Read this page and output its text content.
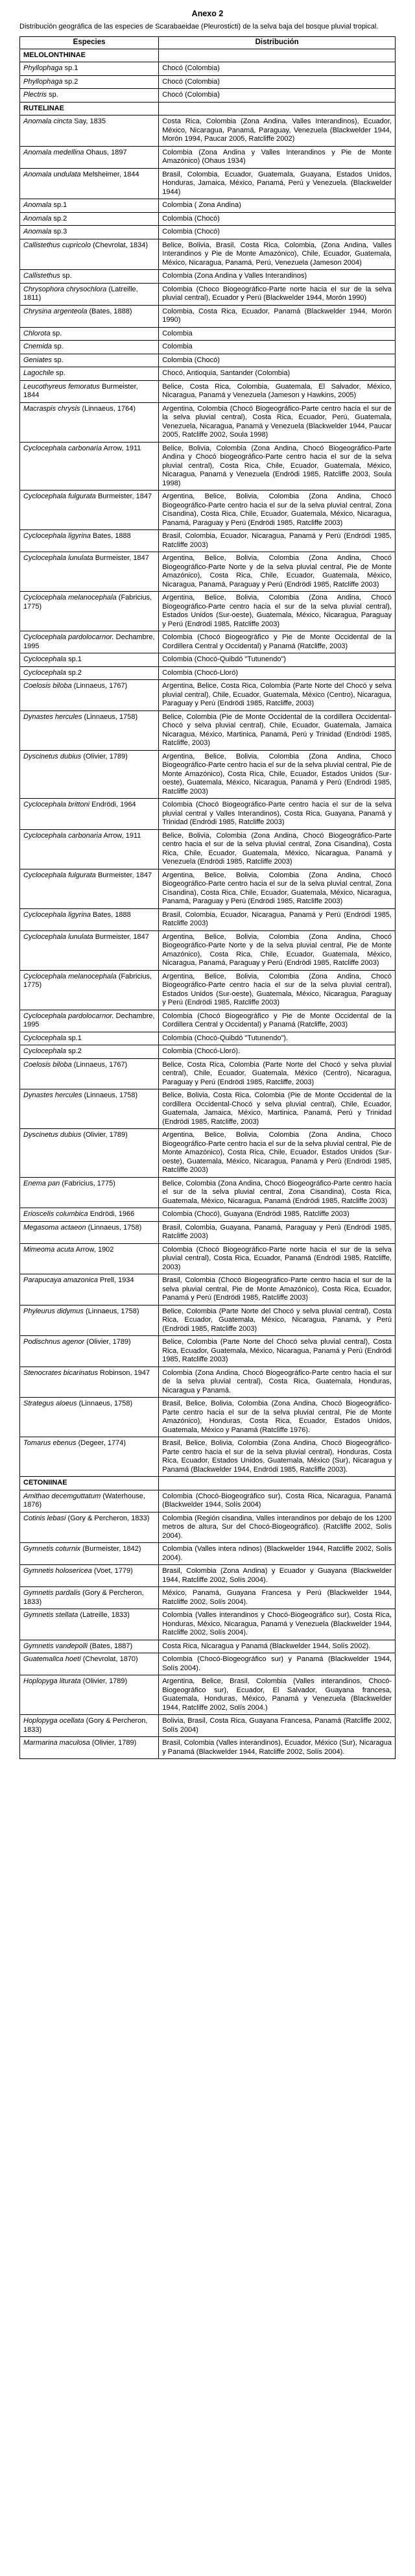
Anexo 2

Distribución geográfica de las especies de Scarabaeidae (Pleurosticti) de la selva baja del bosque pluvial tropical.

Especies	Distribución
MELOLONTHINAE	
Phyllophaga sp.1	Chocó (Colombia)
Phyllophaga sp.2	Chocó (Colombia)
Plectris sp.	Chocó (Colombia)
RUTELINAE	
Anomala cincta Say, 1835	Costa Rica, Colombia (Zona Andina, Valles Interandinos), Ecuador, México, Nicaragua, Panamá, Paraguay, Venezuela (Blackwelder 1944, Morón 1994, Paucar 2005, Ratcliffe 2002)
Anomala medellina Ohaus, 1897	Colombia (Zona Andina y Valles Interandinos y Pie de Monte Amazónico) (Ohaus 1934)
Anomala undulata Melsheimer, 1844	Brasil, Colombia, Ecuador, Guatemala, Guayana, Estados Unidos, Honduras, Jamaica, México, Panamá, Perú y Venezuela. (Blackwelder 1944)
Anomala sp.1	Colombia ( Zona Andina)
Anomala sp.2	Colombia (Chocó)
Anomala sp.3	Colombia (Chocó)
Callistethus cupricolo (Chevrolat, 1834)	Belice, Bolivia, Brasil, Costa Rica, Colombia, (Zona Andina, Valles Interandinos y Pie de Monte Amazónico), Chile, Ecuador, Guatemala, México, Nicaragua, Panamá, Perú, Venezuela (Jameson 2004)
Callistethus sp.	Colombia (Zona Andina y Valles Interandinos)
Chrysophora chrysochlora (Latreille, 1811)	Colombia (Choco Biogeográfico-Parte norte hacia el sur de la selva pluvial central), Ecuador y Perú (Blackwelder 1944, Morón 1990)
Chrysina argenteola (Bates, 1888)	Colombia, Costa Rica, Ecuador, Panamá (Blackwelder 1944, Morón 1990)
Chlorota sp.	Colombia
Cnemida sp.	Colombia
Geniates sp.	Colombia (Chocó)
Lagochile sp.	Chocó, Antioquia, Santander (Colombia)
Leucothyreus femoratus Burmeister, 1844	Belice, Costa Rica, Colombia, Guatemala, El Salvador, México, Nicaragua, Panamá y Venezuela (Jameson y Hawkins, 2005)
Macraspis chrysis (Linnaeus, 1764)	Argentina, Colombia (Chocó Biogeográfico-Parte centro hacia el sur de la selva pluvial central), Costa Rica, Ecuador, Perú, Guatemala, Venezuela, Nicaragua, Panamá y Venezuela (Blackwelder 1944, Paucar 2005, Ratcliffe 2002, Soula 1998)
Cyclocephala carbonaria Arrow, 1911	Belice, Bolivia, Colombia (Zona Andina, Chocó Biogeográfico-Parte Andina y Chocó biogeográfico-Parte centro hacia el sur de la selva pluvial central), Costa Rica, Chile, Ecuador, Guatemala, México, Nicaragua, Panamá y Venezuela (Endrödi 1985, Ratcliffe 2003, Soula 1998)
Cyclocephala fulgurata Burmeister, 1847	Argentina, Belice, Bolivia, Colombia (Zona Andina, Chocó Biogeográfico-Parte centro hacia el sur de la selva pluvial central, Zona Cisandina), Costa Rica, Chile, Ecuador, Guatemala, México, Nicaragua, Panamá, Paraguay y Perú (Endrödi 1985, Ratcliffe 2003)
Cyclocephala ligyrina Bates, 1888	Brasil, Colombia, Ecuador, Nicaragua, Panamá y Perú (Endrödi 1985, Ratcliffe 2003)
Cyclocephala lunulata Burmeister, 1847	Argentina, Belice, Bolivia, Colombia (Zona Andina, Chocó Biogeográfico-Parte Norte y de la selva pluvial central, Pie de Monte Amazónico), Costa Rica, Chile, Ecuador, Guatemala, México, Nicaragua, Panamá, Paraguay y Perú (Endrödi 1985, Ratcliffe 2003)
Cyclocephala melanocephala (Fabricius, 1775)	Argentina, Belice, Bolivia, Colombia (Zona Andina, Chocó Biogeográfico-Parte centro hacia el sur de la selva pluvial central), Estados Unidos (Sur-oeste), Guatemala, México, Nicaragua, Paraguay y Perú (Endrödi 1985, Ratcliffe 2003)
Cyclocephala pardolocarnor. Dechambre, 1995	Colombia (Chocó Biogeográfico y Pie de Monte Occidental de la Cordillera Central y Occidental) y Panamá (Ratcliffe, 2003)
Cyclocephala sp.1	Colombia (Chocó-Quibdó "Tutunendo")
Cyclocephala sp.2	Colombia (Chocó-Lloró)
Coelosis biloba (Linnaeus, 1767)	Argentina, Belice, Costa Rica, Colombia (Parte Norte del Chocó y selva pluvial central), Chile, Ecuador, Guatemala, México (Centro), Nicaragua, Paraguay y Perú (Endrödi 1985, Ratcliffe, 2003)
Dynastes hercules (Linnaeus, 1758)	Belice, Colombia (Pie de Monte Occidental de la cordillera Occidental-Chocó y selva pluvial central), Chile, Ecuador, Guatemala, Jamaica Nicaragua, México, Martinica, Panamá, Perú y Trinidad (Endrödi 1985, Ratcliffe, 2003)
Dyscinetus dubius (Olivier, 1789)	Argentina, Belice, Bolivia, Colombia (Zona Andina, Choco Biogeográfico-Parte centro hacia el sur de la selva pluvial central, Pie de Monte Amazónico), Costa Rica, Chile, Ecuador, Estados Unidos (Sur-oeste), Guatemala, México, Nicaragua, Panamá y Perú (Endrödi 1985, Ratcliffe 2003)
Cyclocephala brittoni Endrödi, 1964	Colombia (Chocó Biogeográfico-Parte centro hacia el sur de la selva pluvial central y Valles Interandinos), Costa Rica, Guayana, Panamá y Trinidad (Endrödi 1985, Ratcliffe 2003)
Cyclocephala carbonaria Arrow, 1911	Belice, Bolivia, Colombia (Zona Andina, Chocó Biogeográfico-Parte centro hacia el sur de la selva pluvial central, Zona Cisandina), Costa Rica, Chile, Ecuador, Guatemala, México, Nicaragua, Panamá y Venezuela (Endrödi 1985, Ratcliffe 2003)
Cyclocephala fulgurata Burmeister, 1847	Argentina, Belice, Bolivia, Colombia (Zona Andina, Chocó Biogeográfico-Parte centro hacia el sur de la selva pluvial central, Zona Cisandina), Costa Rica, Chile, Ecuador, Guatemala, México, Nicaragua, Panamá, Paraguay y Perú (Endrödi 1985, Ratcliffe 2003)
Cyclocephala ligyrina Bates, 1888	Brasil, Colombia, Ecuador, Nicaragua, Panamá y Perú (Endrödi 1985, Ratcliffe 2003)
Cyclocephala lunulata Burmeister, 1847	Argentina, Belice, Bolivia, Colombia (Zona Andina, Chocó Biogeográfico-Parte Norte y de la selva pluvial central, Pie de Monte Amazónico), Costa Rica, Chile, Ecuador, Guatemala, México, Nicaragua, Panamá, Paraguay y Perú (Endrödi 1985, Ratcliffe 2003)
Cyclocephala melanocephala (Fabricius, 1775)	Argentina, Belice, Bolivia, Colombia (Zona Andina, Chocó Biogeográfico-Parte centro hacia el sur de la selva pluvial central), Estados Unidos (Sur-oeste), Guatemala, México, Nicaragua, Paraguay y Perú (Endrödi 1985, Ratcliffe 2003)
Cyclocephala pardolocarnor. Dechambre, 1995	Colombia (Chocó Biogeográfico y Pie de Monte Occidental de la Cordillera Central y Occidental) y Panamá (Ratcliffe, 2003)
Cyclocephala sp.1	Colombia (Chocó-Quibdó "Tutunendo").
Cyclocephala sp.2	Colombia (Chocó-Lloró).
Coelosis biloba (Linnaeus, 1767)	Belice, Costa Rica, Colombia (Parte Norte del Chocó y selva pluvial central), Chile, Ecuador, Guatemala, México (Centro), Nicaragua, Paraguay y Perú (Endrödi 1985, Ratcliffe, 2003)
Dynastes hercules (Linnaeus, 1758)	Belice, Bolivia, Costa Rica, Colombia (Pie de Monte Occidental de la cordillera Occidental-Chocó y selva pluvial central), Chile, Ecuador, Guatemala, Jamaica, México, Martinica, Panamá, Perú y Trinidad (Endrödi 1985, Ratcliffe, 2003)
Dyscinetus dubius (Olivier, 1789)	Argentina, Belice, Bolivia, Colombia (Zona Andina, Choco Biogeográfico-Parte centro hacia el sur de la selva pluvial central, Pie de Monte Amazónico), Costa Rica, Chile, Ecuador, Estados Unidos (Sur-oeste), Guatemala, México, Nicaragua, Panamá y Perú (Endrödi 1985, Ratcliffe 2003)
Enema pan (Fabricius, 1775)	Belice, Colombia (Zona Andina, Chocó Biogeográfico-Parte centro hacia el sur de la selva pluvial central, Zona Cisandina), Costa Rica, Guatemala, México, Nicaragua, Panamá (Endrödi 1985, Ratcliffe 2003)
Erioscelis columbica Endrödi, 1966	Colombia (Chocó), Guayana (Endrödi 1985, Ratcliffe 2003)
Megasoma actaeon (Linnaeus, 1758)	Brasil, Colombia, Guayana, Panamá, Paraguay y Perú (Endrödi 1985, Ratcliffe 2003)
Mimeoma acuta Arrow, 1902	Colombia (Chocó Biogeográfico-Parte norte hacia el sur de la selva pluvial central), Costa Rica, Ecuador, Panamá (Endrödi 1985, Ratcliffe, 2003)
Parapucaya amazonica Prell, 1934	Brasil, Colombia (Chocó Biogeográfico-Parte centro hacia el sur de la selva pluvial central, Pie de Monte Amazónico), Costa Rica, Ecuador, Panamá y Perú (Endrödi 1985, Ratcliffe 2003)
Phyleurus didymus (Linnaeus, 1758)	Belice, Colombia (Parte Norte del Chocó y selva pluvial central), Costa Rica, Ecuador, Guatemala, México, Nicaragua, Panamá, y Perú (Endrödi 1985, Ratcliffe 2003)
Podischnus agenor (Olivier, 1789)	Belice, Colombia (Parte Norte del Chocó selva pluvial central), Costa Rica, Ecuador, Guatemala, México, Nicaragua, Panamá y Perú (Endrödi 1985, Ratcliffe 2003)
Stenocrates bicarinatus Robinson, 1947	Colombia (Zona Andina, Chocó Biogeográfico-Parte centro hacia el sur de la selva pluvial central), Costa Rica, Guatemala, Honduras, Nicaragua y Panamá.
Strategus aloeus (Linnaeus, 1758)	Brasil, Belice, Bolivia, Colombia (Zona Andina, Chocó Biogeográfico-Parte centro hacia el sur de la selva pluvial central, Pie de Monte Amazónico), Honduras, Costa Rica, Ecuador, Estados Unidos, Guatemala, México y Panamá (Ratcliffe 1976).
Tomarus ebenus (Degeer, 1774)	Brasil, Belice, Bolivia, Colombia (Zona Andina, Chocó Biogeográfico-Parte centro hacia el sur de la selva pluvial central), Honduras, Costa Rica, Ecuador, Estados Unidos, Guatemala, México (Sur), Nicaragua y Panamá (Blackwelder 1944, Endrödi 1985, Ratcliffe 2003).
CETONIINAE	
Amithao decemguttatum (Waterhouse, 1876)	Colombia (Chocó-Biogeográfico sur), Costa Rica, Nicaragua, Panamá (Blackwelder 1944, Solís 2004)
Cotinis lebasi (Gory & Percheron, 1833)	Colombia (Región cisandina, Valles interandinos por debajo de los 1200 metros de altura, Sur del Chocó-Biogeográfico). (Ratcliffe 2002, Solís 2004).
Gymnetis coturnix (Burmeister, 1842)	Colombia (Valles intera ndinos) (Blackwelder 1944, Ratcliffe 2002, Solís 2004).
Gymnetis holosericea (Voet, 1779)	Brasil, Colombia (Zona Andina) y Ecuador y Guayana (Blackwelder 1944, Ratcliffe 2002, Solís 2004).
Gymnetis pardalis (Gory & Percheron, 1833)	México, Panamá, Guayana Francesa y Perú (Blackwelder 1944, Ratcliffe 2002, Solís 2004).
Gymnetis stellata (Latreille, 1833)	Colombia (Valles interandinos y Chocó-Biogeográfico sur), Costa Rica, Honduras, México, Nicaragua, Panamá y Venezuela (Blackwelder 1944, Ratcliffe 2002, Solís 2004).
Gymnetis vandepolli (Bates, 1887)	Costa Rica, Nicaragua y Panamá (Blackwelder 1944, Solís 2002).
Guatemalica hoeti (Chevrolat, 1870)	Colombia (Chocó-Biogeográfico sur) y Panamá (Blackwelder 1944, Solís 2004).
Hoplopyga liturata (Olivier, 1789)	Argentina, Belice, Brasil, Colombia (Valles interandinos, Chocó-Biogeográfico sur), Ecuador, El Salvador, Guayana francesa, Guatemala, Honduras, México, Panamá y Venezuela (Blackwelder 1944, Ratcliffe 2002, Solís 2004.)
Hoplopyga ocellata (Gory & Percheron, 1833)	Bolivia, Brasil, Costa Rica, Guayana Francesa, Panamá (Ratcliffe 2002, Solís 2004)
Marmarina maculosa (Olivier, 1789)	Brasil, Colombia (Valles interandinos), Ecuador, México (Sur), Nicaragua y Panamá (Blackwelder 1944, Ratcliffe 2002, Solís 2004).
